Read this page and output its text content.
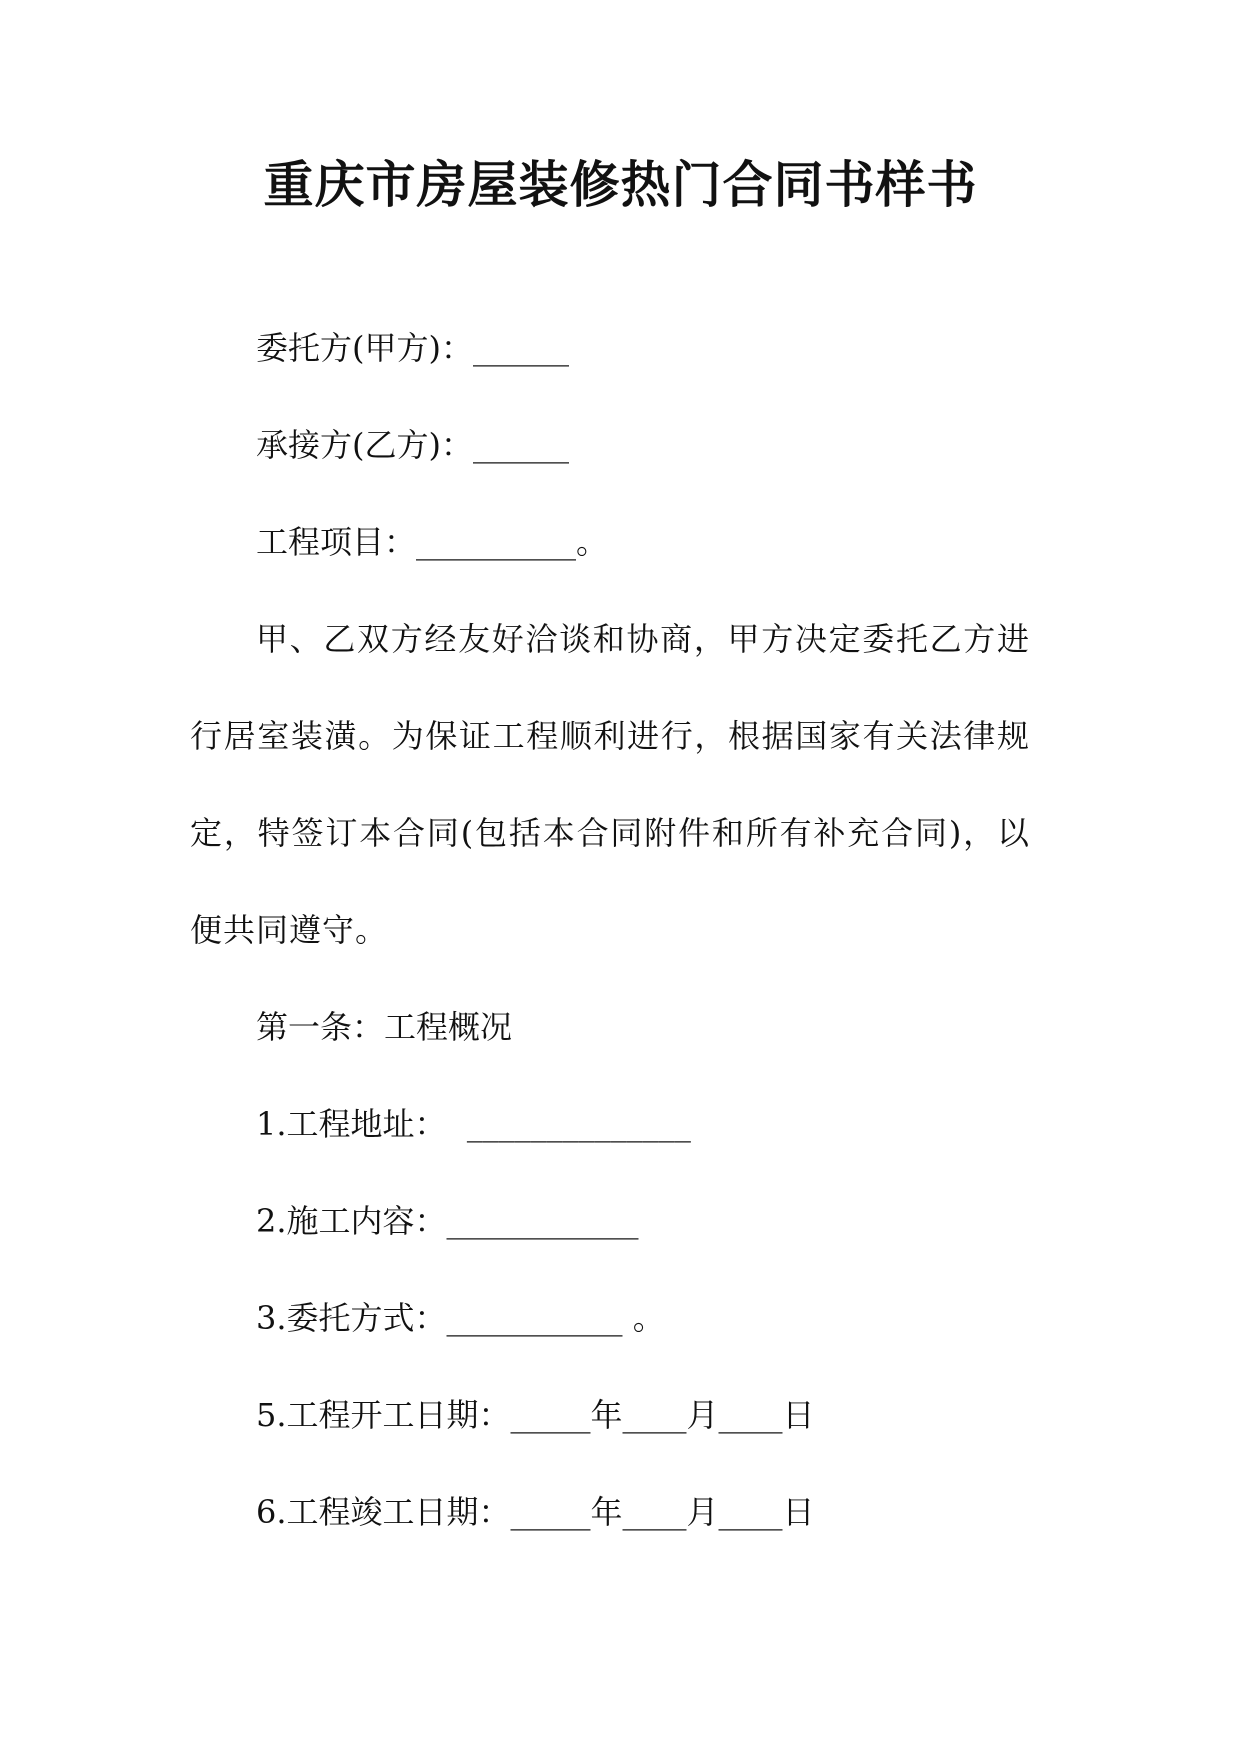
重庆市房屋装修热门合同书样书

委托方(甲方)：______

承接方(乙方)：______

工程项目：__________。

甲、乙双方经友好洽谈和协商，甲方决定委托乙方进行居室装潢。为保证工程顺利进行，根据国家有关法律规定，特签订本合同(包括本合同附件和所有补充合同)，以便共同遵守。

第一条：工程概况

1.工程地址：  ______________

2.施工内容：____________

3.委托方式：___________ 。

5.工程开工日期：_____年____月____日

6.工程竣工日期：_____年____月____日
